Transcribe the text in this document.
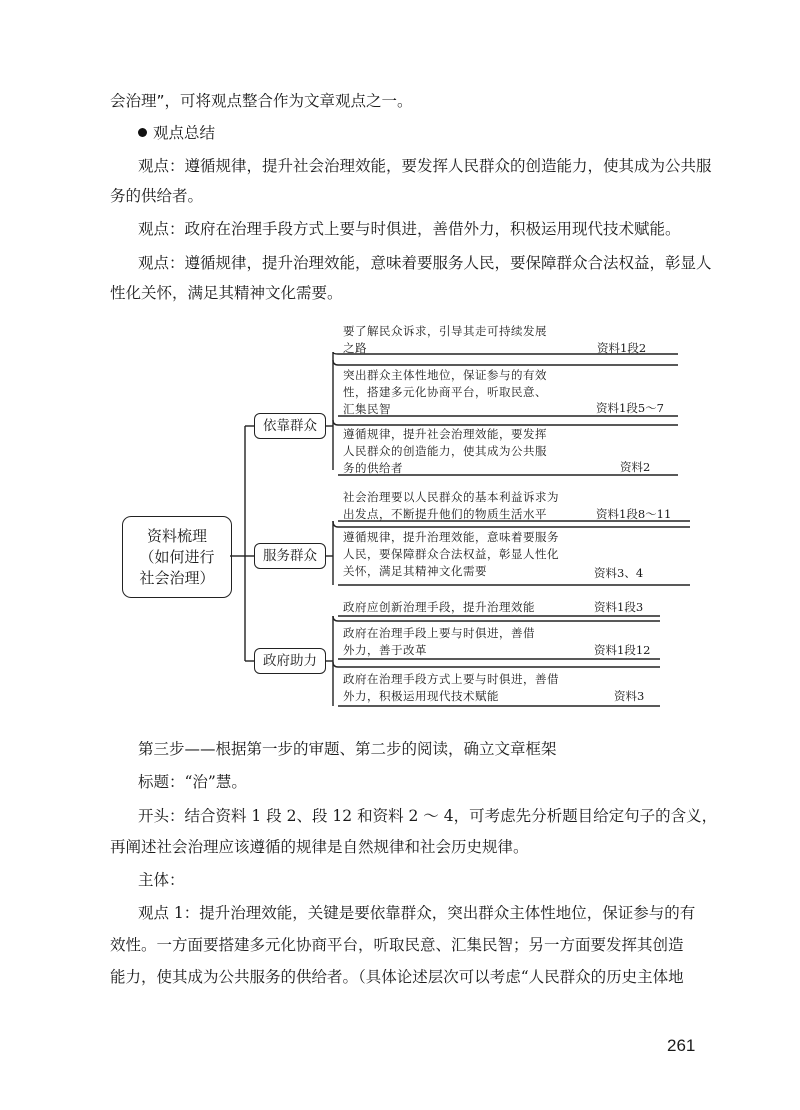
会治理”，可将观点整合作为文章观点之一。
观点总结
观点：遵循规律，提升社会治理效能，要发挥人民群众的创造能力，使其成为公共服
务的供给者。
观点：政府在治理手段方式上要与时俱进，善借外力，积极运用现代技术赋能。
观点：遵循规律，提升治理效能，意味着要服务人民，要保障群众合法权益，彰显人
性化关怀，满足其精神文化需要。
资料梳理
（如何进行
社会治理）
依靠群众
服务群众
政府助力
要了解民众诉求，引导其走可持续发展
之路	资料1段2
突出群众主体性地位，保证参与的有效
性，搭建多元化协商平台，听取民意、
汇集民智	资料1段5～7
遵循规律，提升社会治理效能，要发挥
人民群众的创造能力，使其成为公共服
务的供给者	资料2
社会治理要以人民群众的基本利益诉求为
出发点，不断提升他们的物质生活水平	资料1段8～11
遵循规律，提升治理效能，意味着要服务
人民，要保障群众合法权益，彰显人性化
关怀，满足其精神文化需要	资料3、4
政府应创新治理手段，提升治理效能	资料1段3
政府在治理手段上要与时俱进，善借
外力，善于改革	资料1段12
政府在治理手段方式上要与时俱进，善借
外力，积极运用现代技术赋能	资料3
第三步——根据第一步的审题、第二步的阅读，确立文章框架
标题：“治”慧。
开头：结合资料 1 段 2、段 12 和资料 2 ～ 4，可考虑先分析题目给定句子的含义，
再阐述社会治理应该遵循的规律是自然规律和社会历史规律。
主体：
观点 1：提升治理效能，关键是要依靠群众，突出群众主体性地位，保证参与的有
效性。一方面要搭建多元化协商平台，听取民意、汇集民智；另一方面要发挥其创造
能力，使其成为公共服务的供给者。（具体论述层次可以考虑“人民群众的历史主体地
261
